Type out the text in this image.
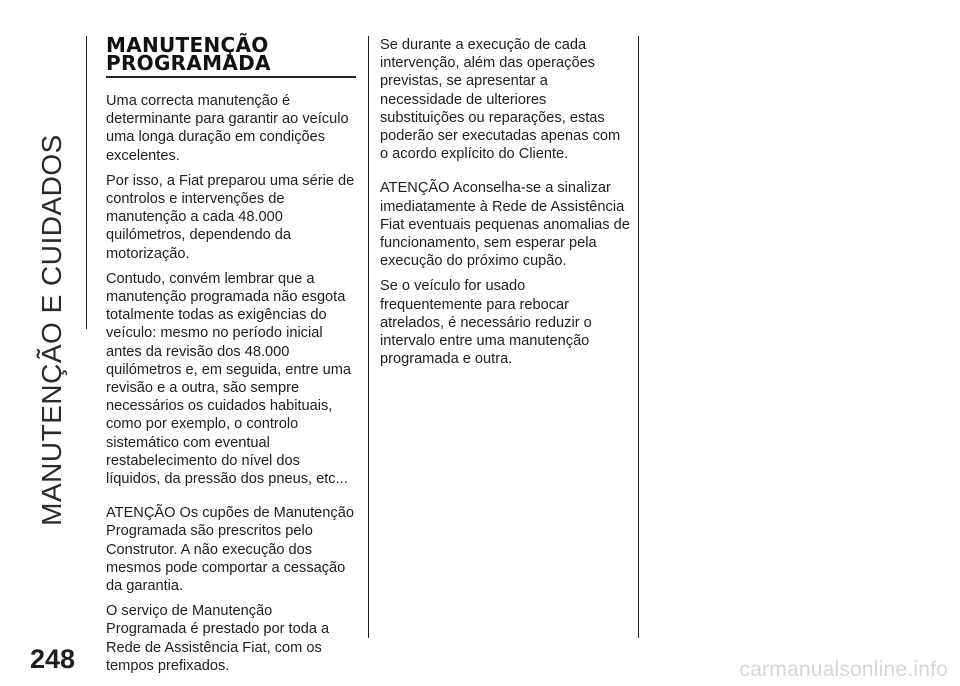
MANUTENÇÃO E CUIDADOS
MANUTENÇÃO
PROGRAMADA

Uma correcta manutenção é determinante para garantir ao veículo uma longa duração em condições excelentes.

Por isso, a Fiat preparou uma série de controlos e intervenções de manutenção a cada 48.000 quilómetros, dependendo da motorização.

Contudo, convém lembrar que a manutenção programada não esgota totalmente todas as exigências do veículo: mesmo no período inicial antes da revisão dos 48.000 quilómetros e, em seguida, entre uma revisão e a outra, são sempre necessários os cuidados habituais, como por exemplo, o controlo sistemático com eventual restabelecimento do nível dos líquidos, da pressão dos pneus, etc...

ATENÇÃO Os cupões de Manutenção Programada são prescritos pelo Construtor. A não execução dos mesmos pode comportar a cessação da garantia.

O serviço de Manutenção Programada é prestado por toda a Rede de Assistência Fiat, com os tempos prefixados.

Se durante a execução de cada intervenção, além das operações previstas, se apresentar a necessidade de ulteriores substituições ou reparações, estas poderão ser executadas apenas com o acordo explícito do Cliente.

ATENÇÃO Aconselha-se a sinalizar imediatamente à Rede de Assistência Fiat eventuais pequenas anomalias de funcionamento, sem esperar pela execução do próximo cupão.

Se o veículo for usado frequentemente para rebocar atrelados, é necessário reduzir o intervalo entre uma manutenção programada e outra.

248	carmanualsonline.info
